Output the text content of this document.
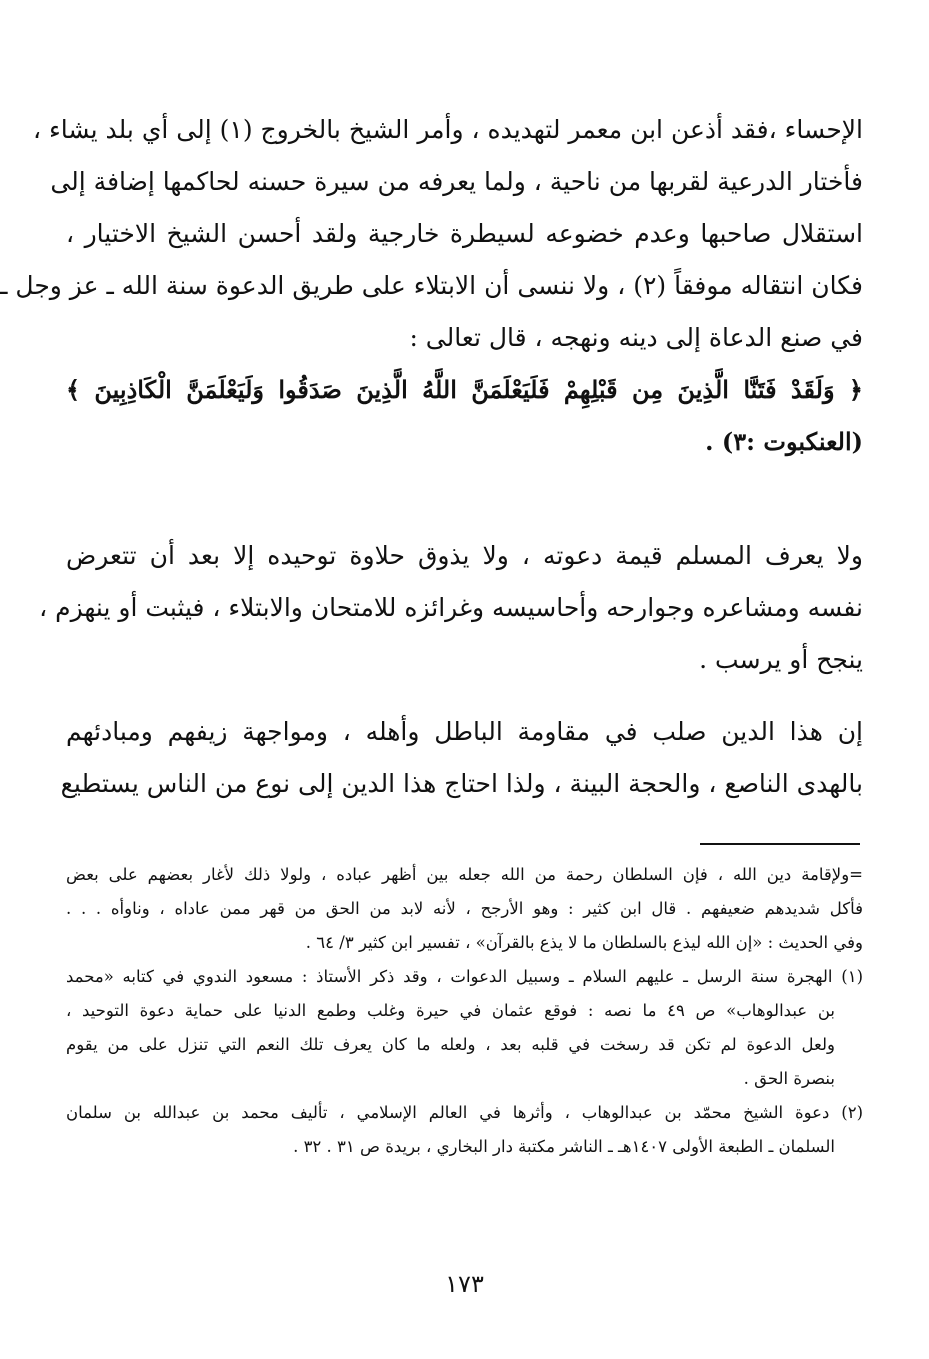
الإحساء ،فقد أذعن ابن معمر لتهديده ، وأمر الشيخ بالخروج (١) إلى أي بلد يشاء ،
فأختار الدرعية لقربها من ناحية ، ولما يعرفه من سيرة حسنه لحاكمها إضافة إلى
استقلال صاحبها وعدم خضوعه لسيطرة خارجية ولقد أحسن الشيخ الاختيار ،
فكان انتقاله موفقاً (٢) ، ولا ننسى أن الابتلاء على طريق الدعوة سنة الله ـ عز وجل ـ
في صنع الدعاة إلى دينه ونهجه ، قال تعالى :
﴿ وَلَقَدْ فَتَنَّا الَّذِينَ مِن قَبْلِهِمْ فَلَيَعْلَمَنَّ اللَّهُ الَّذِينَ صَدَقُوا وَلَيَعْلَمَنَّ الْكَاذِبِينَ ﴾
(العنكبوت :٣) .
ولا يعرف المسلم قيمة دعوته ، ولا يذوق حلاوة توحيده إلا بعد أن تتعرض
نفسه ومشاعره وجوارحه وأحاسيسه وغرائزه للامتحان والابتلاء ، فيثبت أو ينهزم ،
ينجح أو يرسب .
إن هذا الدين صلب في مقاومة الباطل وأهله ، ومواجهة زيفهم ومبادئهم
بالهدى الناصع ، والحجة البينة ، ولذا احتاج هذا الدين إلى نوع من الناس يستطيع
=ولإقامة دين الله ، فإن السلطان رحمة من الله جعله بين أظهر عباده ، ولولا ذلك لأغار بعضهم على بعض
فأكل شديدهم ضعيفهم . قال ابن كثير : وهو الأرجح ، لأنه لابد من الحق من قهر ممن عاداه ، وناوأه . . .
وفي الحديث : «إن الله ليذع بالسلطان ما لا يذع بالقرآن» ، تفسير ابن كثير ٣/ ٦٤ .
(١) الهجرة سنة الرسل ـ عليهم السلام ـ وسبيل الدعوات ، وقد ذكر الأستاذ : مسعود الندوي في كتابه «محمد
بن عبدالوهاب» ص ٤٩ ما نصه : فوقع عثمان في حيرة وغلب وطمع الدنيا على حماية دعوة التوحيد ،
ولعل الدعوة لم تكن قد رسخت في قلبه بعد ، ولعله ما كان يعرف تلك النعم التي تنزل على من يقوم
بنصرة الحق .
(٢) دعوة الشيخ محمّد بن عبدالوهاب ، وأثرها في العالم الإسلامي ، تأليف محمد بن عبدالله بن سلمان
السلمان ـ الطبعة الأولى ١٤٠٧هـ ـ الناشر مكتبة دار البخاري ، بريدة ص ٣١ . ٣٢ .
١٧٣
